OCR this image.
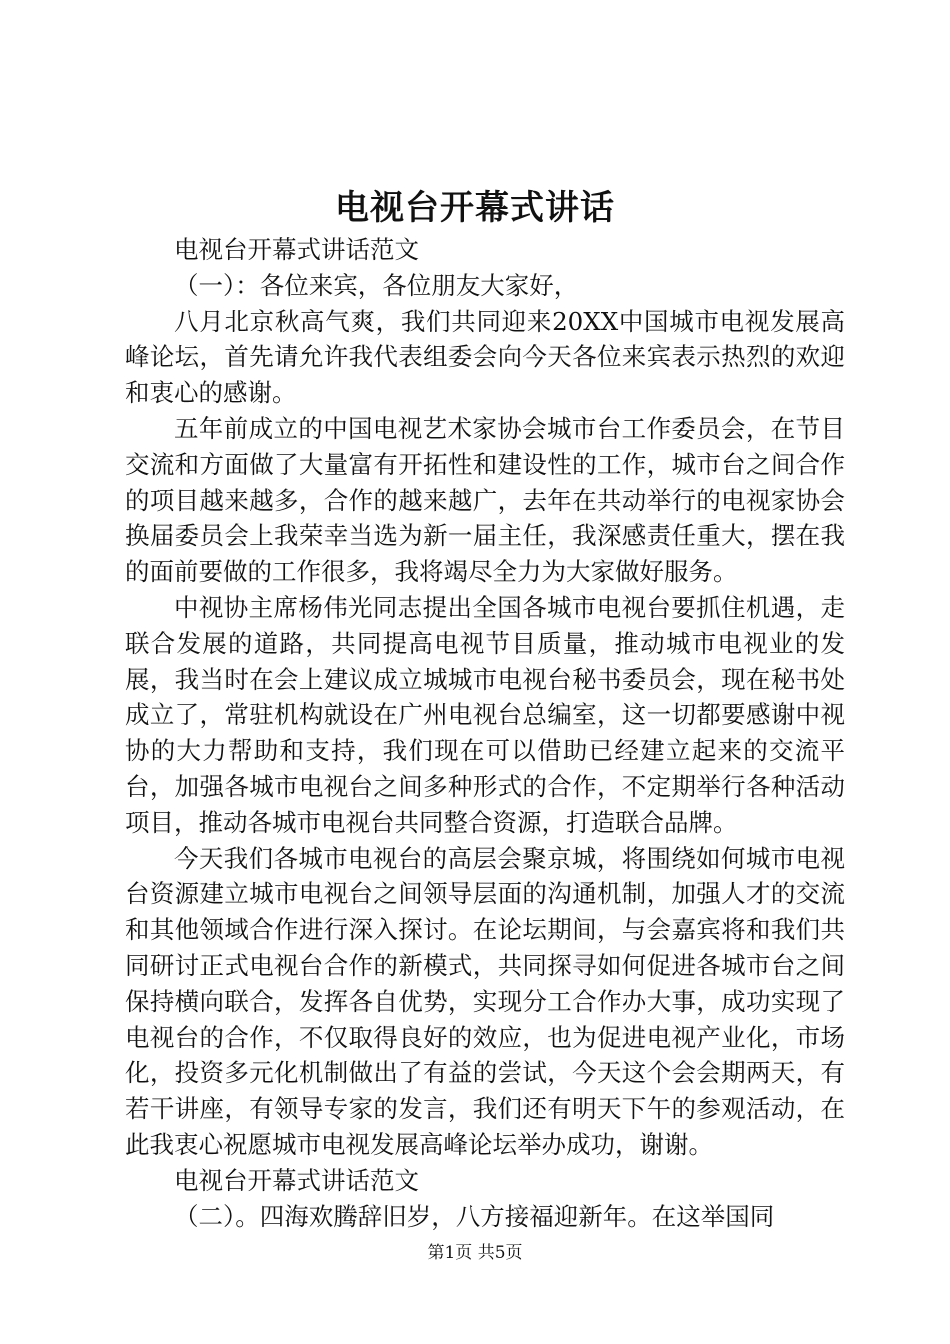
电视台开幕式讲话

电视台开幕式讲话范文

（一）：各位来宾，各位朋友大家好，

八月北京秋高气爽，我们共同迎来20XX中国城市电视发展高峰论坛，首先请允许我代表组委会向今天各位来宾表示热烈的欢迎和衷心的感谢。

五年前成立的中国电视艺术家协会城市台工作委员会，在节目交流和方面做了大量富有开拓性和建设性的工作，城市台之间合作的项目越来越多，合作的越来越广，去年在共动举行的电视家协会换届委员会上我荣幸当选为新一届主任，我深感责任重大，摆在我的面前要做的工作很多，我将竭尽全力为大家做好服务。

中视协主席杨伟光同志提出全国各城市电视台要抓住机遇，走联合发展的道路，共同提高电视节目质量，推动城市电视业的发展，我当时在会上建议成立城城市电视台秘书委员会，现在秘书处成立了，常驻机构就设在广州电视台总编室，这一切都要感谢中视协的大力帮助和支持，我们现在可以借助已经建立起来的交流平台，加强各城市电视台之间多种形式的合作，不定期举行各种活动项目，推动各城市电视台共同整合资源，打造联合品牌。

今天我们各城市电视台的高层会聚京城，将围绕如何城市电视台资源建立城市电视台之间领导层面的沟通机制，加强人才的交流和其他领域合作进行深入探讨。在论坛期间，与会嘉宾将和我们共同研讨正式电视台合作的新模式，共同探寻如何促进各城市台之间保持横向联合，发挥各自优势，实现分工合作办大事，成功实现了电视台的合作，不仅取得良好的效应，也为促进电视产业化，市场化，投资多元化机制做出了有益的尝试，今天这个会会期两天，有若干讲座，有领导专家的发言，我们还有明天下午的参观活动，在此我衷心祝愿城市电视发展高峰论坛举办成功，谢谢。

电视台开幕式讲话范文

（二）。四海欢腾辞旧岁，八方接福迎新年。在这举国同

第1页 共5页
